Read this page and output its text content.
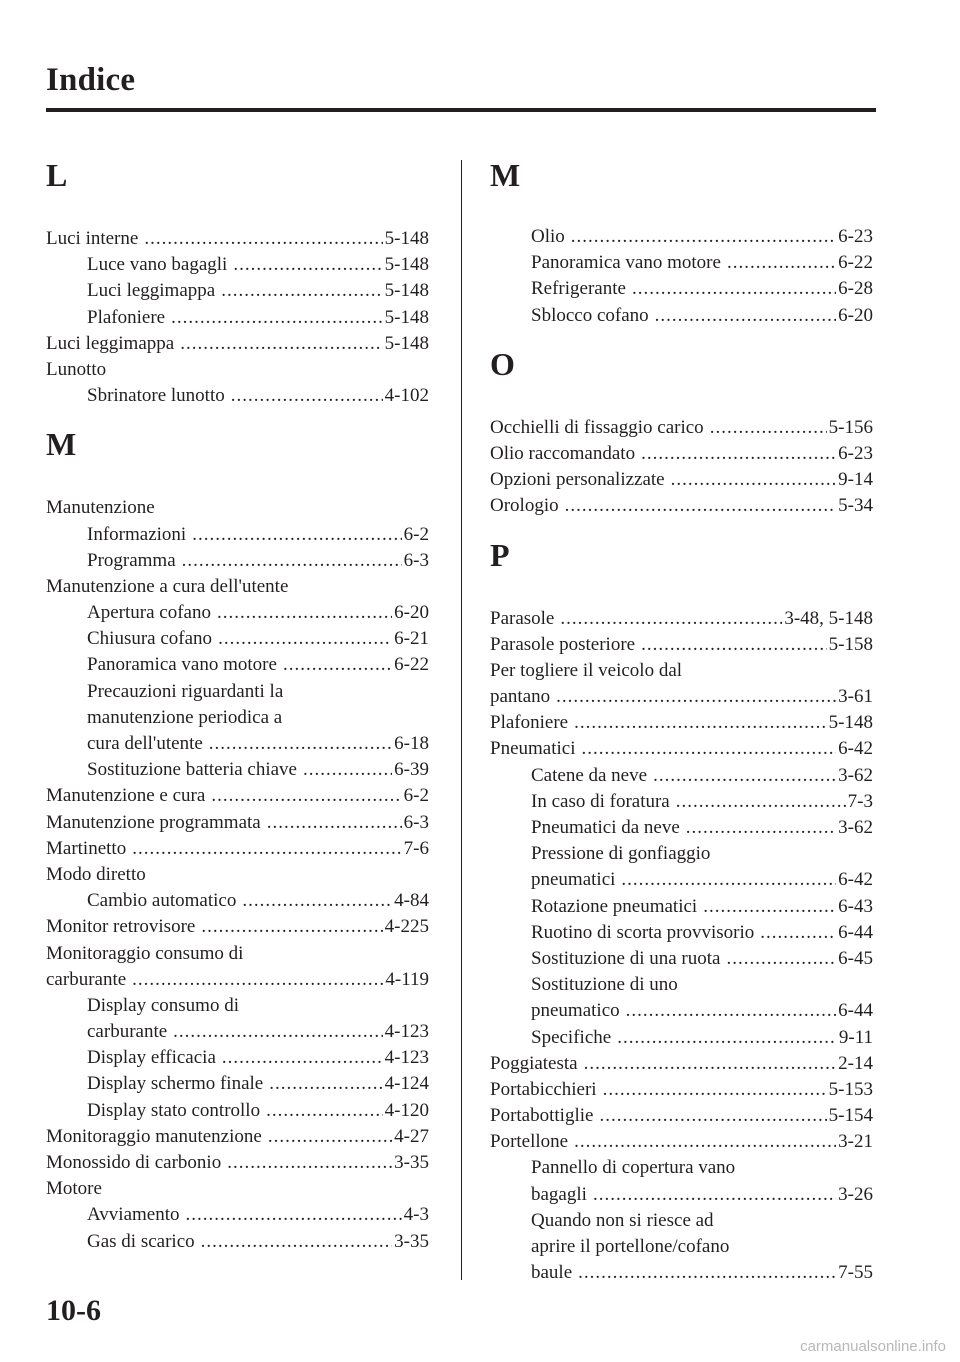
Indice
L
Luci interne .....	5-148
Luce vano bagagli .....	5-148
Luci leggimappa .....	5-148
Plafoniere .....	5-148
Luci leggimappa .....	5-148
Lunotto
Sbrinatore lunotto .....	4-102
M
Manutenzione
Informazioni .....	6-2
Programma .....	6-3
Manutenzione a cura dell'utente
Apertura cofano .....	6-20
Chiusura cofano .....	6-21
Panoramica vano motore .....	6-22
Precauzioni riguardanti la
manutenzione periodica a
cura dell'utente .....	6-18
Sostituzione batteria chiave .....	6-39
Manutenzione e cura .....	6-2
Manutenzione programmata .....	6-3
Martinetto .....	7-6
Modo diretto
Cambio automatico .....	4-84
Monitor retrovisore .....	4-225
Monitoraggio consumo di
carburante .....	4-119
Display consumo di
carburante .....	4-123
Display efficacia .....	4-123
Display schermo finale .....	4-124
Display stato controllo .....	4-120
Monitoraggio manutenzione .....	4-27
Monossido di carbonio .....	3-35
Motore
Avviamento .....	4-3
Gas di scarico .....	3-35
M
Olio .....	6-23
Panoramica vano motore .....	6-22
Refrigerante .....	6-28
Sblocco cofano .....	6-20
O
Occhielli di fissaggio carico .....	5-156
Olio raccomandato .....	6-23
Opzioni personalizzate .....	9-14
Orologio .....	5-34
P
Parasole .....	3-48, 5-148
Parasole posteriore .....	5-158
Per togliere il veicolo dal
pantano .....	3-61
Plafoniere .....	5-148
Pneumatici .....	6-42
Catene da neve .....	3-62
In caso di foratura .....	7-3
Pneumatici da neve .....	3-62
Pressione di gonfiaggio
pneumatici .....	6-42
Rotazione pneumatici .....	6-43
Ruotino di scorta provvisorio .....	6-44
Sostituzione di una ruota .....	6-45
Sostituzione di uno
pneumatico .....	6-44
Specifiche .....	9-11
Poggiatesta .....	2-14
Portabicchieri .....	5-153
Portabottiglie .....	5-154
Portellone .....	3-21
Pannello di copertura vano
bagagli .....	3-26
Quando non si riesce ad
aprire il portellone/cofano
baule .....	7-55
10-6
carmanualsonline.info
